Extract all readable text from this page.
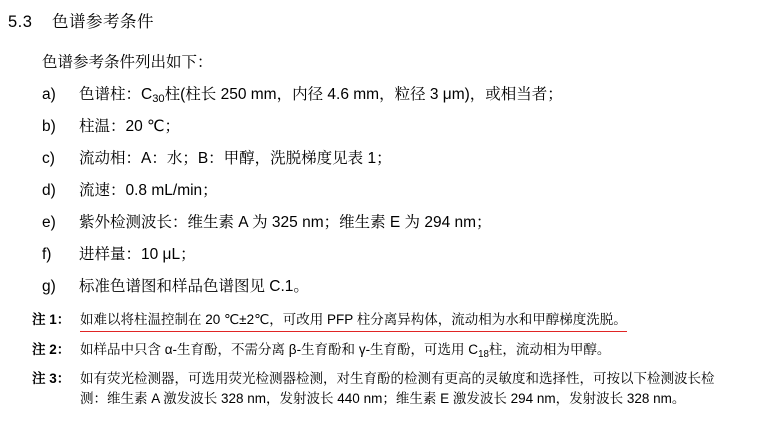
5.3 色谱参考条件
色谱参考条件列出如下：
a)	色谱柱：$C_{30}$柱(柱长 250 mm，内径 4.6 mm，粒径 3 μm)，或相当者；
b)	柱温：20 ℃；
c)	流动相：A：水；B：甲醇，洗脱梯度见表 1；
d)	流速：0.8 mL/min；
e)	紫外检测波长：维生素 A 为 325 nm；维生素 E 为 294 nm；
f)	进样量：10 μL；
g)	标准色谱图和样品色谱图见 C.1。
注 1： 如难以将柱温控制在 20 ℃±2℃，可改用 PFP 柱分离异构体，流动相为水和甲醇梯度洗脱。
注 2： 如样品中只含 α-生育酚，不需分离 β-生育酚和 γ-生育酚，可选用 $C_{18}$柱，流动相为甲醇。
注 3： 如有荧光检测器，可选用荧光检测器检测，对生育酚的检测有更高的灵敏度和选择性，可按以下检测波长检 测：维生素 A 激发波长 328 nm，发射波长 440 nm；维生素 E 激发波长 294 nm，发射波长 328 nm。
